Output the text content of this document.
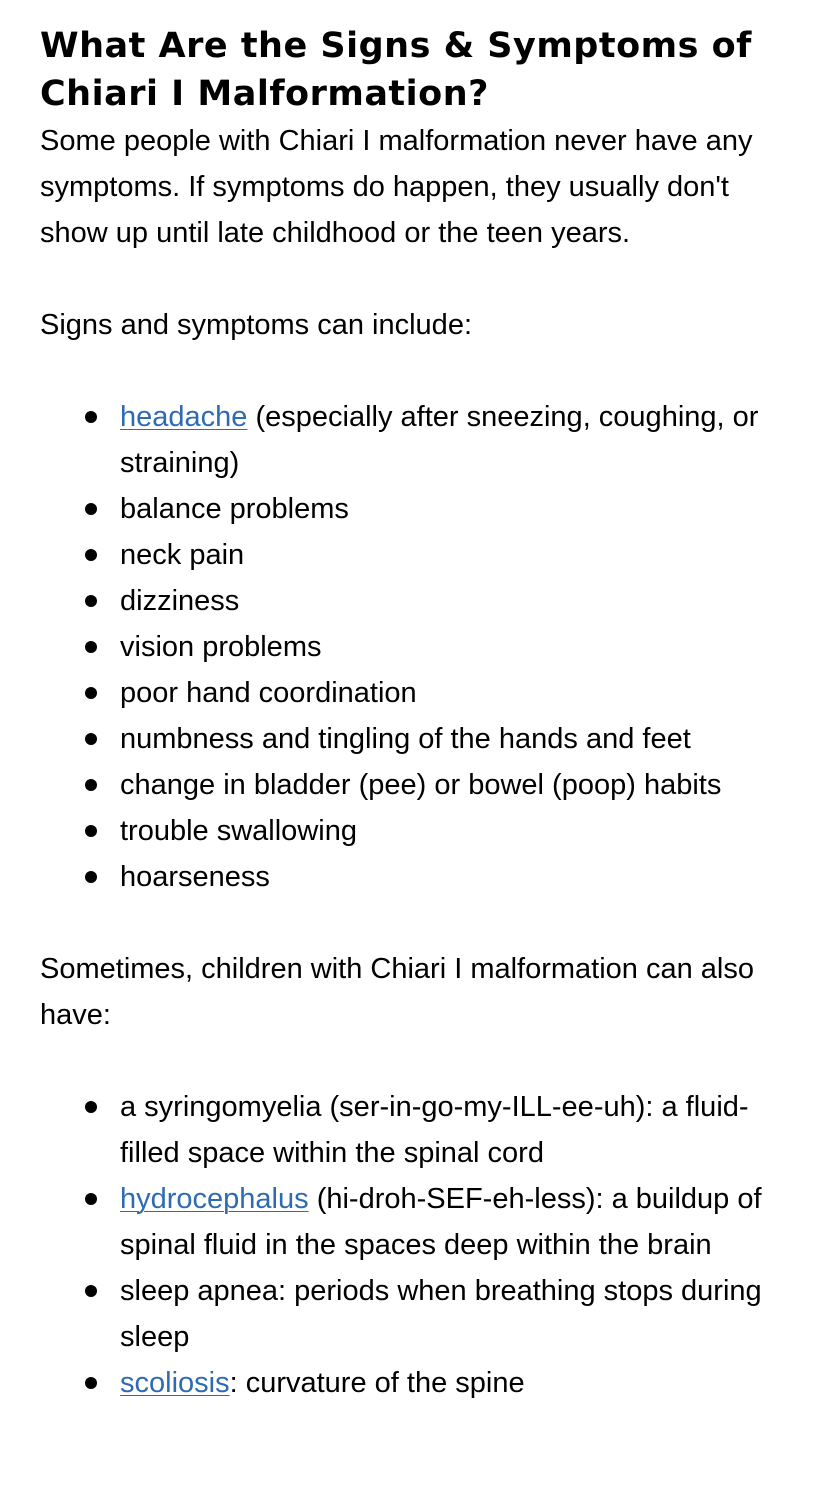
What Are the Signs & Symptoms of Chiari I Malformation?

Some people with Chiari I malformation never have any symptoms. If symptoms do happen, they usually don't show up until late childhood or the teen years.

Signs and symptoms can include:

headache (especially after sneezing, coughing, or straining)
balance problems
neck pain
dizziness
vision problems
poor hand coordination
numbness and tingling of the hands and feet
change in bladder (pee) or bowel (poop) habits
trouble swallowing
hoarseness

Sometimes, children with Chiari I malformation can also have:

a syringomyelia (ser-in-go-my-ILL-ee-uh): a fluid-filled space within the spinal cord
hydrocephalus (hi-droh-SEF-eh-less): a buildup of spinal fluid in the spaces deep within the brain
sleep apnea: periods when breathing stops during sleep
scoliosis: curvature of the spine
